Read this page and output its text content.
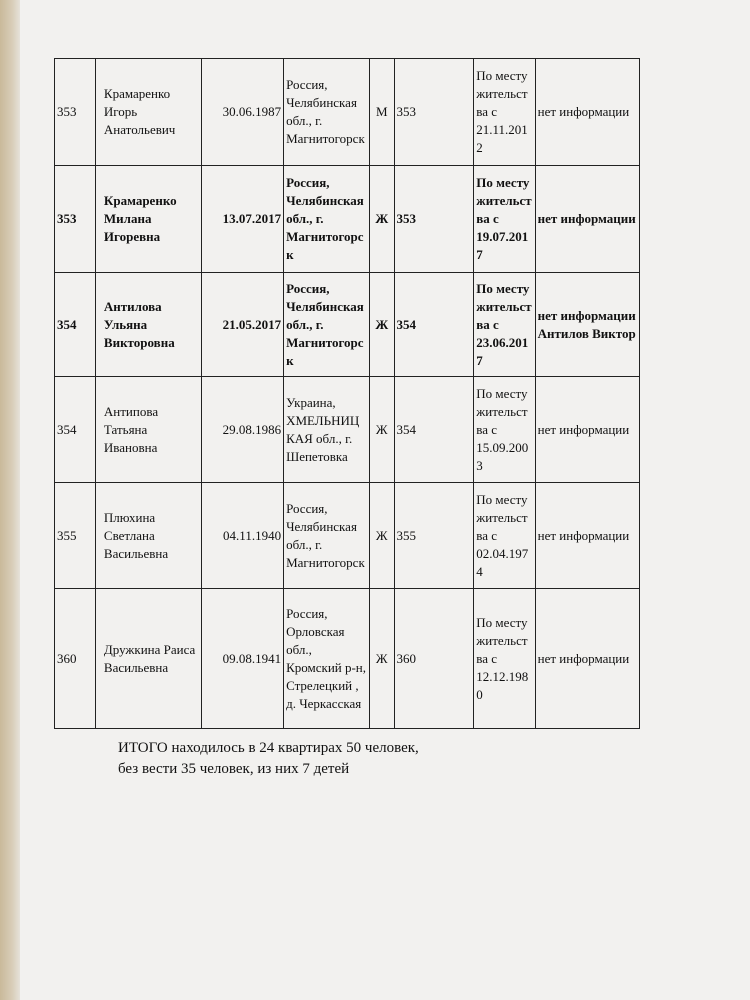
353	Крамаренко Игорь Анатольевич	30.06.1987	Россия, Челябинская обл., г. Магнитогорск	М	353	По месту жительства с 21.11.2012	нет информации
353	Крамаренко Милана Игоревна	13.07.2017	Россия, Челябинская обл., г. Магнитогорск	Ж	353	По месту жительства с 19.07.2017	нет информации
354	Антилова Ульяна Викторовна	21.05.2017	Россия, Челябинская обл., г. Магнитогорск	Ж	354	По месту жительства с 23.06.2017	нет информации Антилов Виктор
354	Антипова Татьяна Ивановна	29.08.1986	Украина, ХМЕЛЬНИЦКАЯ обл., г. Шепетовка	Ж	354	По месту жительства с 15.09.2003	нет информации
355	Плюхина Светлана Васильевна	04.11.1940	Россия, Челябинская обл., г. Магнитогорск	Ж	355	По месту жительства с 02.04.1974	нет информации
360	Дружкина Раиса Васильевна	09.08.1941	Россия, Орловская обл., Кромский р-н, Стрелецкий , д. Черкасская	Ж	360	По месту жительства с 12.12.1980	нет информации
ИТОГО находилось в 24 квартирах 50 человек,
без вести 35 человек, из них 7 детей
